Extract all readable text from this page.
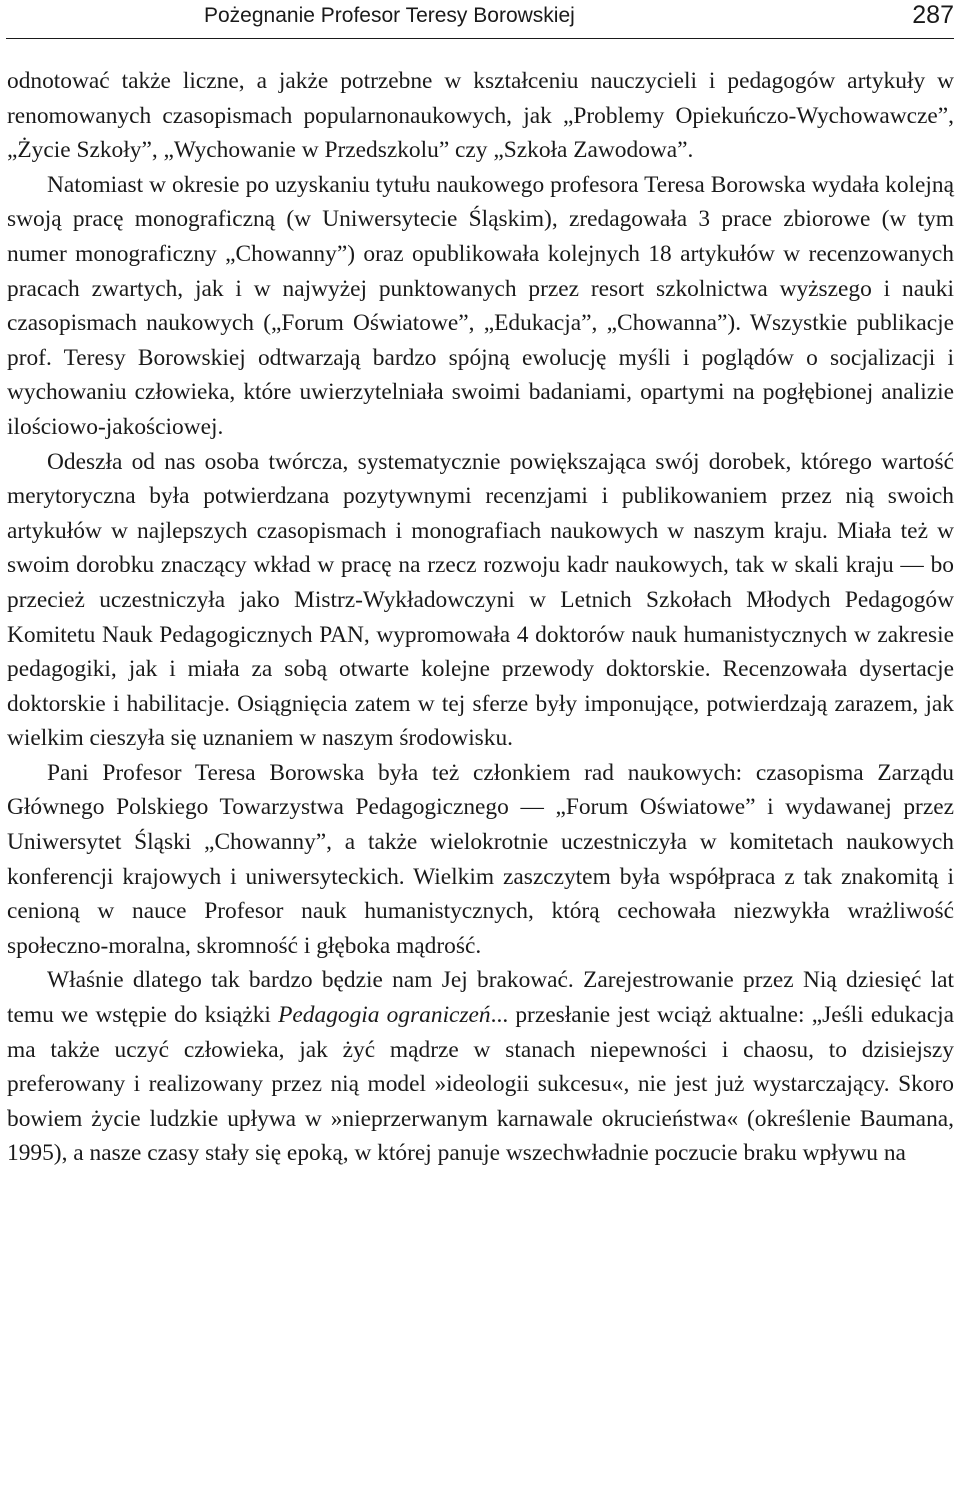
Pożegnanie Profesor Teresy Borowskiej	287

odnotować także liczne, a jakże potrzebne w kształceniu nauczycieli i pedagogów artykuły w renomowanych czasopismach popularnonaukowych, jak „Problemy Opiekuńczo-Wychowawcze”, „Życie Szkoły”, „Wychowanie w Przedszkolu” czy „Szkoła Zawodowa”.

Natomiast w okresie po uzyskaniu tytułu naukowego profesora Teresa Borowska wydała kolejną swoją pracę monograficzną (w Uniwersytecie Śląskim), zredagowała 3 prace zbiorowe (w tym numer monograficzny „Chowanny”) oraz opublikowała kolejnych 18 artykułów w recenzowanych pracach zwartych, jak i w najwyżej punktowanych przez resort szkolnictwa wyższego i nauki czasopismach naukowych („Forum Oświatowe”, „Edukacja”, „Chowanna”). Wszystkie publikacje prof. Teresy Borowskiej odtwarzają bardzo spójną ewolucję myśli i poglądów o socjalizacji i wychowaniu człowieka, które uwierzytelniała swoimi badaniami, opartymi na pogłębionej analizie ilościowo-jakościowej.

Odeszła od nas osoba twórcza, systematycznie powiększająca swój dorobek, którego wartość merytoryczna była potwierdzana pozytywnymi recenzjami i publikowaniem przez nią swoich artykułów w najlepszych czasopismach i monografiach naukowych w naszym kraju. Miała też w swoim dorobku znaczący wkład w pracę na rzecz rozwoju kadr naukowych, tak w skali kraju — bo przecież uczestniczyła jako Mistrz-Wykładowczyni w Letnich Szkołach Młodych Pedagogów Komitetu Nauk Pedagogicznych PAN, wypromowała 4 doktorów nauk humanistycznych w zakresie pedagogiki, jak i miała za sobą otwarte kolejne przewody doktorskie. Recenzowała dysertacje doktorskie i habilitacje. Osiągnięcia zatem w tej sferze były imponujące, potwierdzają zarazem, jak wielkim cieszyła się uznaniem w naszym środowisku.

Pani Profesor Teresa Borowska była też członkiem rad naukowych: czasopisma Zarządu Głównego Polskiego Towarzystwa Pedagogicznego — „Forum Oświatowe” i wydawanej przez Uniwersytet Śląski „Chowanny”, a także wielokrotnie uczestniczyła w komitetach naukowych konferencji krajowych i uniwersyteckich. Wielkim zaszczytem była współpraca z tak znakomitą i cenioną w nauce Profesor nauk humanistycznych, którą cechowała niezwykła wrażliwość społeczno-moralna, skromność i głęboka mądrość.

Właśnie dlatego tak bardzo będzie nam Jej brakować. Zarejestrowanie przez Nią dziesięć lat temu we wstępie do książki Pedagogia ograniczeń... przesłanie jest wciąż aktualne: „Jeśli edukacja ma także uczyć człowieka, jak żyć mądrze w stanach niepewności i chaosu, to dzisiejszy preferowany i realizowany przez nią model »ideologii sukcesu«, nie jest już wystarczający. Skoro bowiem życie ludzkie upływa w »nieprzerwanym karnawale okrucieństwa« (określenie Baumana, 1995), a nasze czasy stały się epoką, w której panuje wszechwładnie poczucie braku wpływu na
